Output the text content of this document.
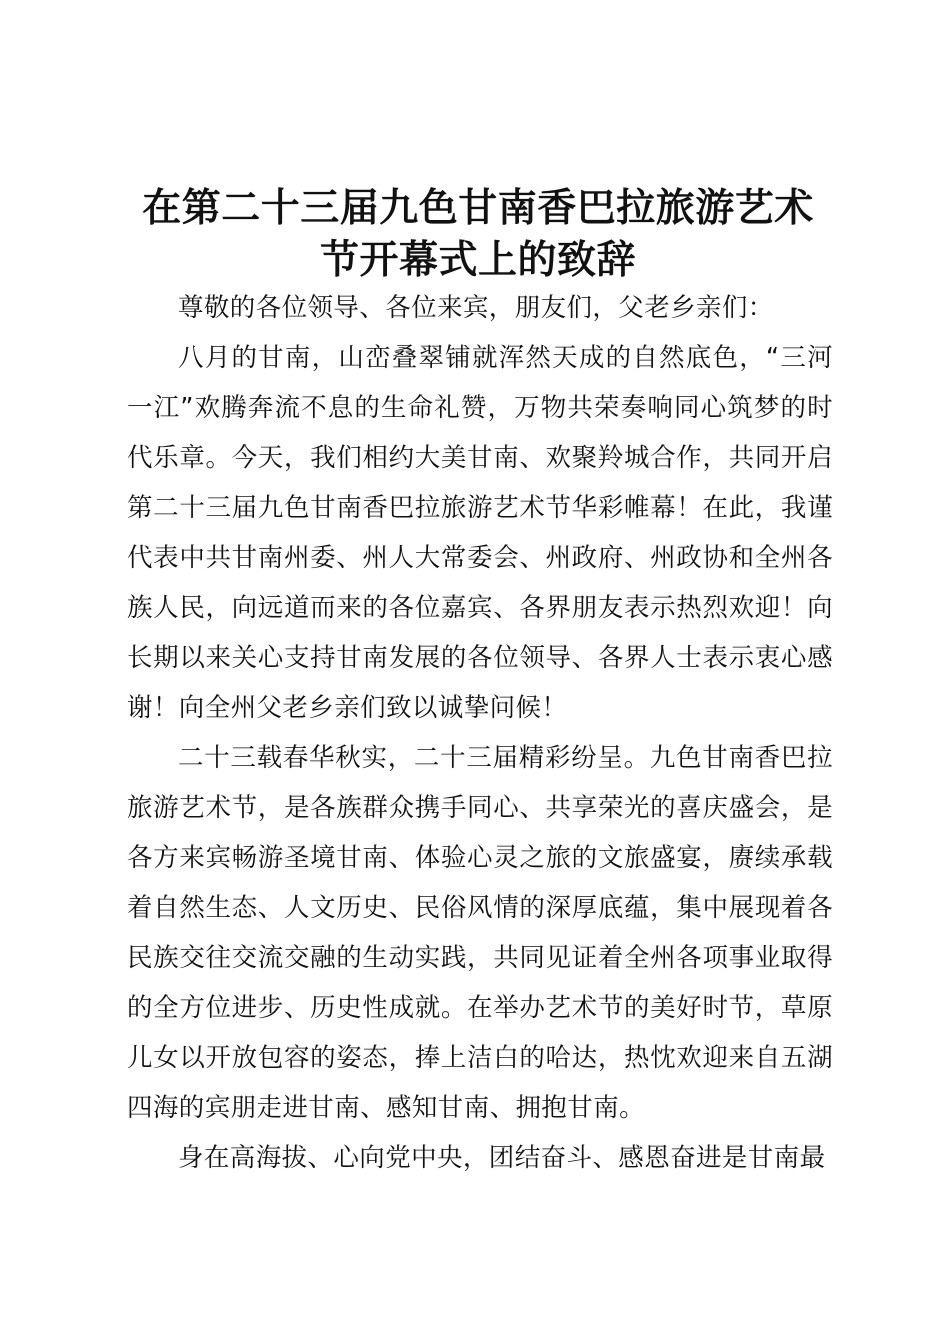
在第二十三届九色甘南香巴拉旅游艺术
节开幕式上的致辞

尊敬的各位领导、各位来宾，朋友们，父老乡亲们：

八月的甘南，山峦叠翠铺就浑然天成的自然底色，“三河一江”欢腾奔流不息的生命礼赞，万物共荣奏响同心筑梦的时代乐章。今天，我们相约大美甘南、欢聚羚城合作，共同开启第二十三届九色甘南香巴拉旅游艺术节华彩帷幕！在此，我谨代表中共甘南州委、州人大常委会、州政府、州政协和全州各族人民，向远道而来的各位嘉宾、各界朋友表示热烈欢迎！向长期以来关心支持甘南发展的各位领导、各界人士表示衷心感谢！向全州父老乡亲们致以诚挚问候！

二十三载春华秋实，二十三届精彩纷呈。九色甘南香巴拉旅游艺术节，是各族群众携手同心、共享荣光的喜庆盛会，是各方来宾畅游圣境甘南、体验心灵之旅的文旅盛宴，赓续承载着自然生态、人文历史、民俗风情的深厚底蕴，集中展现着各民族交往交流交融的生动实践，共同见证着全州各项事业取得的全方位进步、历史性成就。在举办艺术节的美好时节，草原儿女以开放包容的姿态，捧上洁白的哈达，热忱欢迎来自五湖四海的宾朋走进甘南、感知甘南、拥抱甘南。

身在高海拔、心向党中央，团结奋斗、感恩奋进是甘南最
